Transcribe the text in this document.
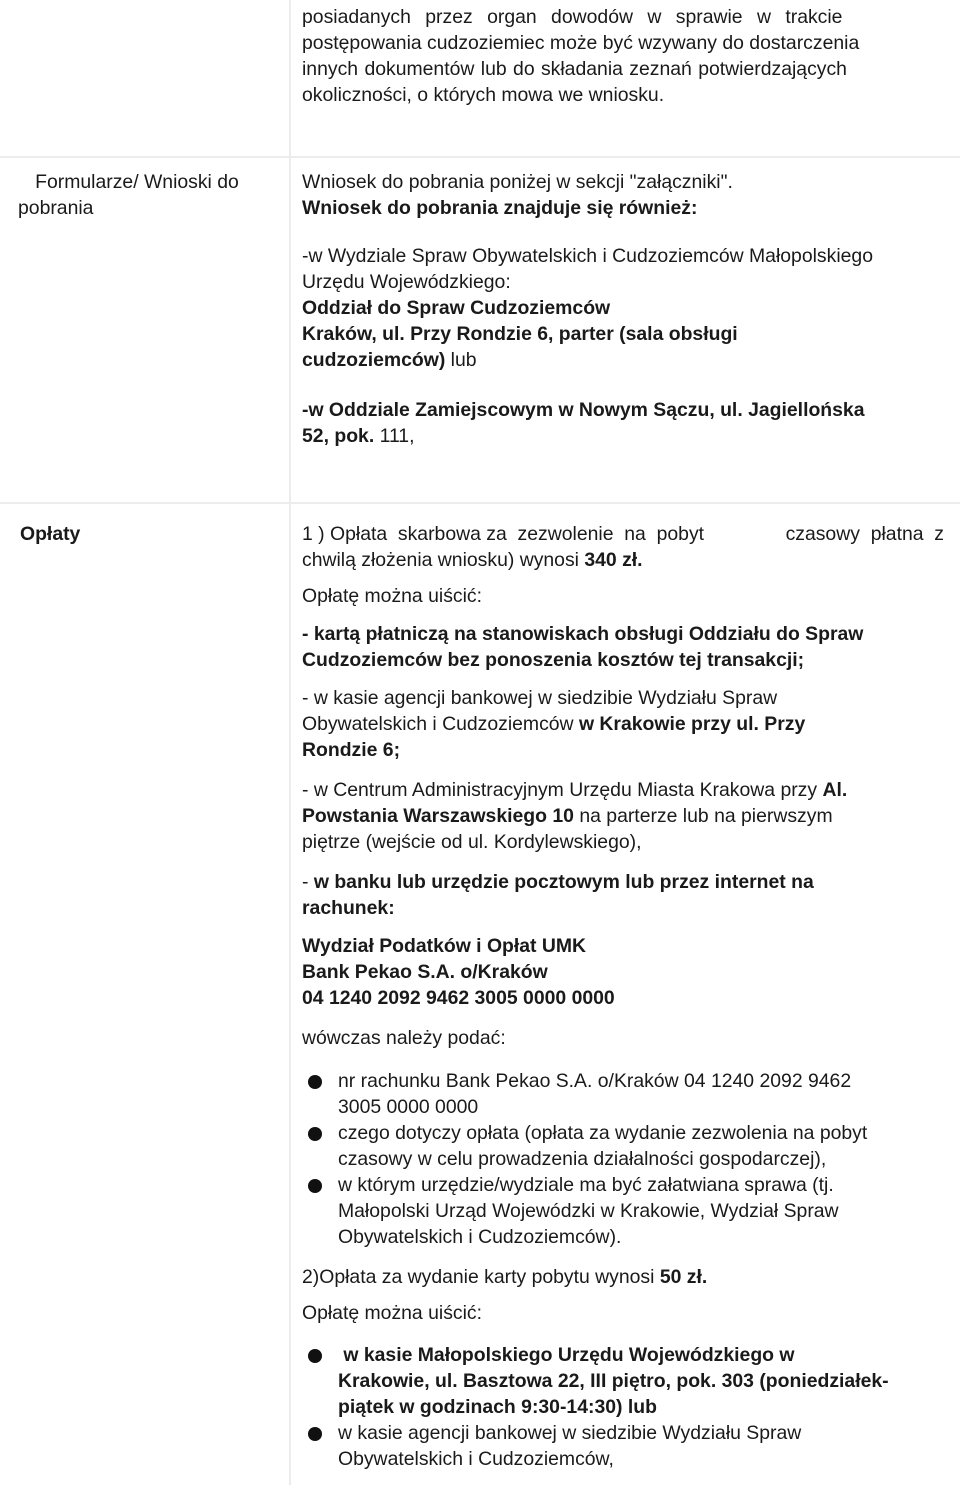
posiadanych przez organ dowodów w sprawie w trakcie

postępowania cudzoziemiec może być wzywany do dostarczenia

innych dokumentów lub do składania zeznań potwierdzających

okoliczności, o których mowa we wniosku.

Formularze/ Wnioski do
pobrania

Wniosek do pobrania poniżej w sekcji "załączniki".

Wniosek do pobrania znajduje się również:

-w Wydziale Spraw Obywatelskich i Cudzoziemców Małopolskiego

Urzędu Wojewódzkiego:

Oddział do Spraw Cudzoziemców

Kraków, ul. Przy Rondzie 6, parter (sala obsługi

cudzoziemców) lub

-w Oddziale Zamiejscowym w Nowym Sączu, ul. Jagiellońska

52, pok. 111,

Opłaty	1 ) Opłata  skarbowa za  zezwolenie  na  pobyt	czasowy  płatna  z

chwilą złożenia wniosku) wynosi 340 zł.

Opłatę można uiścić:

- kartą płatniczą na stanowiskach obsługi Oddziału do Spraw

Cudzoziemców bez ponoszenia kosztów tej transakcji;

- w kasie agencji bankowej w siedzibie Wydziału Spraw

Obywatelskich i Cudzoziemców w Krakowie przy ul. Przy

Rondzie 6;

- w Centrum Administracyjnym Urzędu Miasta Krakowa przy Al.

Powstania Warszawskiego 10 na parterze lub na pierwszym

piętrze (wejście od ul. Kordylewskiego),

- w banku lub urzędzie pocztowym lub przez internet na

rachunek:

Wydział Podatków i Opłat UMK

Bank Pekao S.A. o/Kraków

04 1240 2092 9462 3005 0000 0000

wówczas należy podać:

nr rachunku Bank Pekao S.A. o/Kraków 04 1240 2092 9462
3005 0000 0000
czego dotyczy opłata (opłata za wydanie zezwolenia na pobyt
czasowy w celu prowadzenia działalności gospodarczej),
w którym urzędzie/wydziale ma być załatwiana sprawa (tj.
Małopolski Urząd Wojewódzki w Krakowie, Wydział Spraw
Obywatelskich i Cudzoziemców).

2)Opłata za wydanie karty pobytu wynosi 50 zł.

Opłatę można uiścić:

w kasie Małopolskiego Urzędu Wojewódzkiego w
Krakowie, ul. Basztowa 22, III piętro, pok. 303 (poniedziałek-
piątek w godzinach 9:30-14:30) lub
w kasie agencji bankowej w siedzibie Wydziału Spraw
Obywatelskich i Cudzoziemców,
